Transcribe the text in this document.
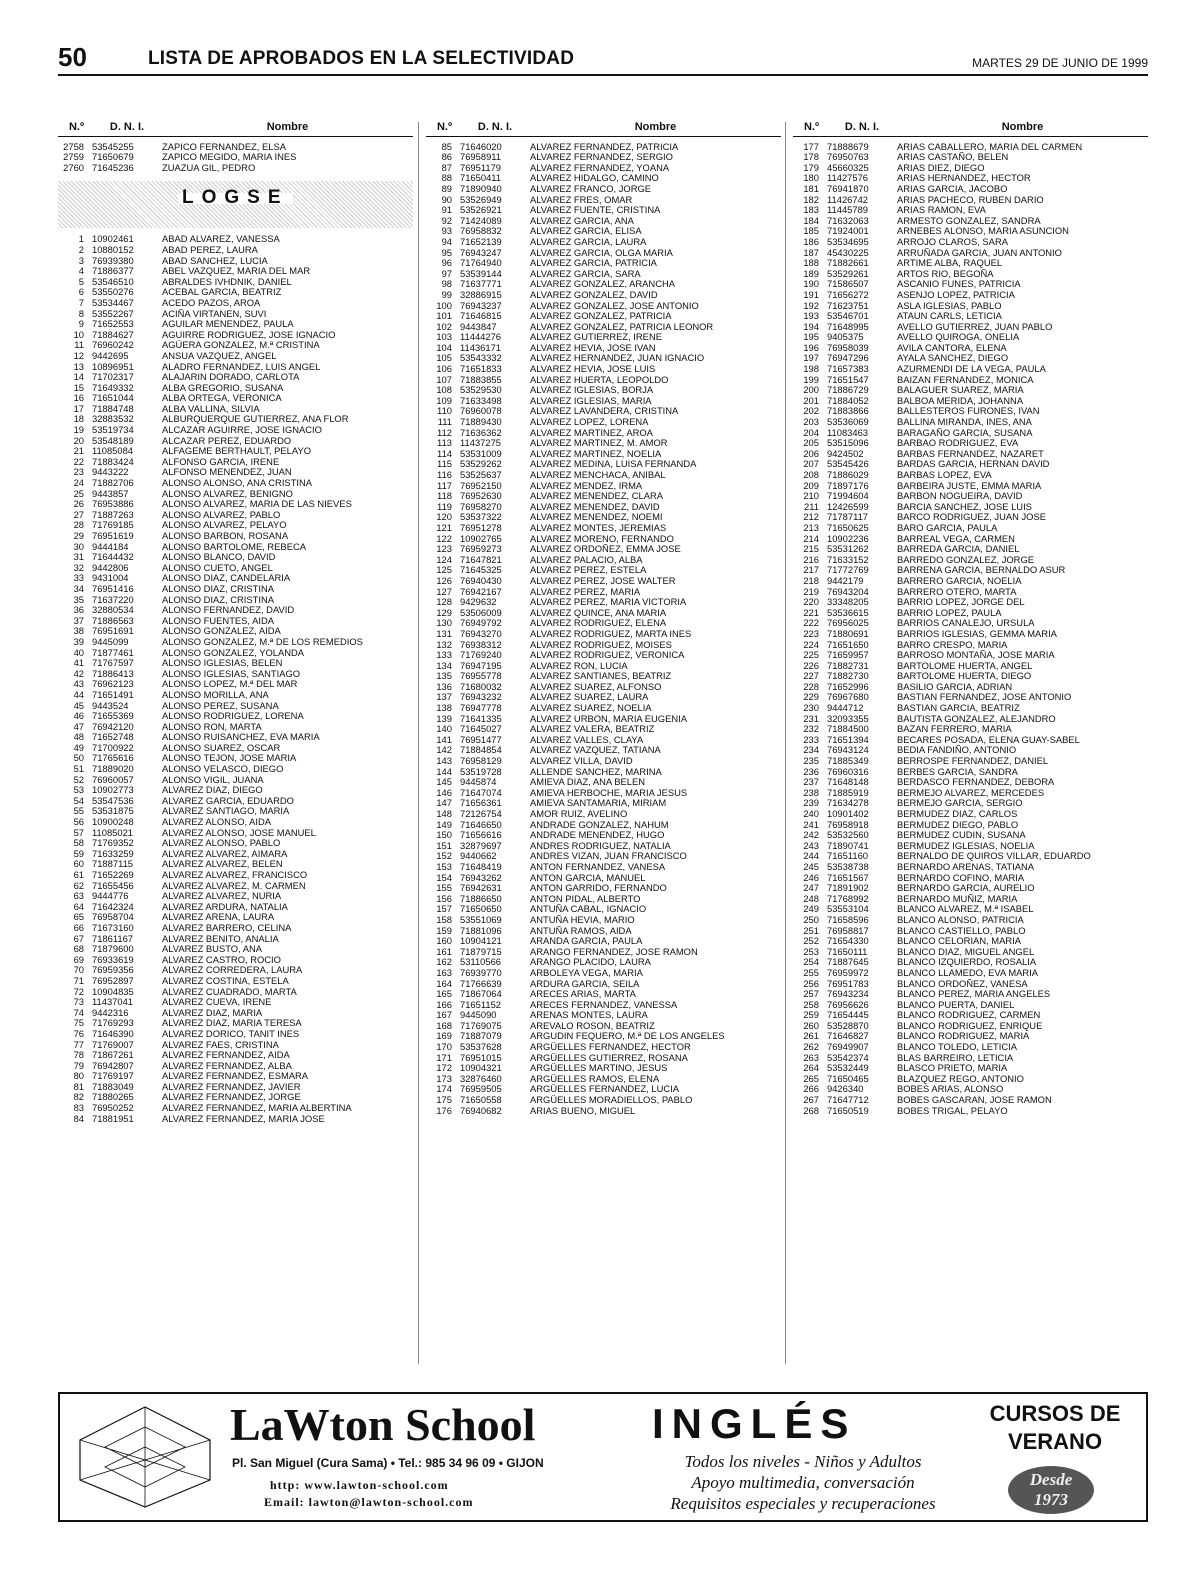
50	LISTA DE APROBADOS EN LA SELECTIVIDAD	MARTES 29 DE JUNIO DE 1999
N.º	D. N. I.	Nombre
2758 53545255	ZAPICO FERNANDEZ, ELSA
2759 71650679	ZAPICO MEGIDO, MARIA INES
2760 71645236	ZUAZUA GIL, PEDRO
LOGSE
1 10902461	ABAD ALVAREZ, VANESSA
2 10880152	ABAD PEREZ, LAURA
3 76939380	ABAD SANCHEZ, LUCIA
4 71886377	ABEL VAZQUEZ, MARIA DEL MAR
5 53546510	ABRALDES IVHDNIK, DANIEL
6 53550276	ACEBAL GARCIA, BEATRIZ
7 53534467	ACEDO PAZOS, AROA
8 53552267	ACIÑA VIRTANEN, SUVI
9 71652553	AGUILAR MENENDEZ, PAULA
10 71884627	AGUIRRE RODRIGUEZ, JOSE IGNACIO
11 76960242	AGÜERA GONZALEZ, M.ª CRISTINA
12 9442695	ANSUA VAZQUEZ, ANGEL
13 10896951	ALADRO FERNANDEZ, LUIS ANGEL
14 71702317	ALAJARIN DORADO, CARLOTA
15 71649332	ALBA GREGORIO, SUSANA
16 71651044	ALBA ORTEGA, VERONICA
17 71884748	ALBA VALLINA, SILVIA
18 32883532	ALBURQUERQUE GUTIERREZ, ANA FLOR
19 53519734	ALCAZAR AGUIRRE, JOSE IGNACIO
20 53548189	ALCAZAR PEREZ, EDUARDO
21 11085084	ALFAGEME BERTHAULT, PELAYO
22 71883424	ALFONSO GARCIA, IRENE
23 9443222	ALFONSO MENENDEZ, JUAN
24 71882706	ALONSO ALONSO, ANA CRISTINA
25 9443857	ALONSO ALVAREZ, BENIGNO
26 76953886	ALONSO ALVAREZ, MARIA DE LAS NIEVES
27 71887263	ALONSO ALVAREZ, PABLO
28 71769185	ALONSO ALVAREZ, PELAYO
29 76951619	ALONSO BARBON, ROSANA
30 9444184	ALONSO BARTOLOME, REBECA
31 71644432	ALONSO BLANCO, DAVID
32 9442806	ALONSO CUETO, ANGEL
33 9431004	ALONSO DIAZ, CANDELARIA
34 76951416	ALONSO DIAZ, CRISTINA
35 71637220	ALONSO DIAZ, CRISTINA
36 32880534	ALONSO FERNANDEZ, DAVID
37 71886563	ALONSO FUENTES, AIDA
38 76951691	ALONSO GONZALEZ, AIDA
39 9445099	ALONSO GONZALEZ, M.ª DE LOS REMEDIOS
40 71877461	ALONSO GONZALEZ, YOLANDA
41 71767597	ALONSO IGLESIAS, BELEN
42 71886413	ALONSO IGLESIAS, SANTIAGO
43 76962123	ALONSO LOPEZ, M.ª DEL MAR
44 71651491	ALONSO MORILLA, ANA
45 9443524	ALONSO PEREZ, SUSANA
46 71655369	ALONSO RODRIGUEZ, LORENA
47 76942120	ALONSO RON, MARTA
48 71652748	ALONSO RUISANCHEZ, EVA MARIA
49 71700922	ALONSO SUAREZ, OSCAR
50 71765616	ALONSO TEJON, JOSE MARIA
51 71889020	ALONSO VELASCO, DIEGO
52 76960057	ALONSO VIGIL, JUANA
53 10902773	ALVAREZ DIAZ, DIEGO
54 53547536	ALVAREZ GARCIA, EDUARDO
55 53531875	ALVAREZ SANTIAGO, MARIA
56 10900248	ALVAREZ ALONSO, AIDA
57 11085021	ALVAREZ ALONSO, JOSE MANUEL
58 71769352	ALVAREZ ALONSO, PABLO
59 71633259	ALVAREZ ALVAREZ, AIMARA
60 71887115	ALVAREZ ALVAREZ, BELEN
61 71652269	ALVAREZ ALVAREZ, FRANCISCO
62 71655456	ALVAREZ ALVAREZ, M. CARMEN
63 9444776	ALVAREZ ALVAREZ, NURIA
64 71642324	ALVAREZ ARDURA, NATALIA
65 76958704	ALVAREZ ARENA, LAURA
66 71673160	ALVAREZ BARRERO, CELINA
67 71861167	ALVAREZ BENITO, ANALIA
68 71879600	ALVAREZ BUSTO, ANA
69 76933619	ALVAREZ CASTRO, ROCIO
70 76959356	ALVAREZ CORREDERA, LAURA
71 76952897	ALVAREZ COSTINA, ESTELA
72 10904835	ALVAREZ CUADRADO, MARTA
73 11437041	ALVAREZ CUEVA, IRENE
74 9442316	ALVAREZ DIAZ, MARIA
75 71769293	ALVAREZ DIAZ, MARIA TERESA
76 71646390	ALVAREZ DORICO, TANIT INES
77 71769007	ALVAREZ FAES, CRISTINA
78 71867261	ALVAREZ FERNANDEZ, AIDA
79 76942807	ALVAREZ FERNANDEZ, ALBA
80 71769197	ALVAREZ FERNANDEZ, ESMARA
81 71883049	ALVAREZ FERNANDEZ, JAVIER
82 71880265	ALVAREZ FERNANDEZ, JORGE
83 76950252	ALVAREZ FERNANDEZ, MARIA ALBERTINA
84 71881951	ALVAREZ FERNANDEZ, MARIA JOSE
N.º	D. N. I.	Nombre
85 71646020	ALVAREZ FERNANDEZ, PATRICIA
86 76958911	ALVAREZ FERNANDEZ, SERGIO
87 76951179	ALVAREZ FERNANDEZ, YOANA
88 71650411	ALVAREZ HIDALGO, CAMINO
89 71890940	ALVAREZ FRANCO, JORGE
90 53526949	ALVAREZ FRES, OMAR
91 53526921	ALVAREZ FUENTE, CRISTINA
92 71424089	ALVAREZ GARCIA, ANA
93 76958832	ALVAREZ GARCIA, ELISA
94 71652139	ALVAREZ GARCIA, LAURA
95 76943247	ALVAREZ GARCIA, OLGA MARIA
96 71764940	ALVAREZ GARCIA, PATRICIA
97 53539144	ALVAREZ GARCIA, SARA
98 71637771	ALVAREZ GONZALEZ, ARANCHA
99 32886915	ALVAREZ GONZALEZ, DAVID
100 76943237	ALVAREZ GONZALEZ, JOSE ANTONIO
101 71646815	ALVAREZ GONZALEZ, PATRICIA
102 9443847	ALVAREZ GONZALEZ, PATRICIA LEONOR
103 11444276	ALVAREZ GUTIERREZ, IRENE
104 11436171	ALVAREZ HEVIA, JOSE IVAN
105 53543332	ALVAREZ HERNANDEZ, JUAN IGNACIO
106 71651833	ALVAREZ HEVIA, JOSE LUIS
107 71883855	ALVAREZ HUERTA, LEOPOLDO
108 53529530	ALVAREZ IGLESIAS, BORJA
109 71633498	ALVAREZ IGLESIAS, MARIA
110 76960078	ALVAREZ LAVANDERA, CRISTINA
111 71889430	ALVAREZ LOPEZ, LORENA
112 71636362	ALVAREZ MARTINEZ, AROA
113 11437275	ALVAREZ MARTINEZ, M. AMOR
114 53531009	ALVAREZ MARTINEZ, NOELIA
115 53529262	ALVAREZ MEDINA, LUISA FERNANDA
116 53525637	ALVAREZ MENCHACA, ANIBAL
117 76952150	ALVAREZ MENDEZ, IRMA
118 76952630	ALVAREZ MENENDEZ, CLARA
119 76958270	ALVAREZ MENENDEZ, DAVID
120 53537322	ALVAREZ MENENDEZ, NOEMI
121 76951278	ALVAREZ MONTES, JEREMIAS
122 10902765	ALVAREZ MORENO, FERNANDO
123 76959273	ALVAREZ ORDOÑEZ, EMMA JOSE
124 71647821	ALVAREZ PALACIO, ALBA
125 71645325	ALVAREZ PEREZ, ESTELA
126 76940430	ALVAREZ PEREZ, JOSE WALTER
127 76942167	ALVAREZ PEREZ, MARIA
128 9429632	ALVAREZ PEREZ, MARIA VICTORIA
129 53506009	ALVAREZ QUINCE, ANA MARIA
130 76949792	ALVAREZ RODRIGUEZ, ELENA
131 76943270	ALVAREZ RODRIGUEZ, MARTA INES
132 76938312	ALVAREZ RODRIGUEZ, MOISES
133 71769240	ALVAREZ RODRIGUEZ, VERONICA
134 76947195	ALVAREZ RON, LUCIA
135 76955778	ALVAREZ SANTIANES, BEATRIZ
136 71680032	ALVAREZ SUAREZ, ALFONSO
137 76943232	ALVAREZ SUAREZ, LAURA
138 76947778	ALVAREZ SUAREZ, NOELIA
139 71641335	ALVAREZ URBON, MARIA EUGENIA
140 71645027	ALVAREZ VALERA, BEATRIZ
141 76951477	ALVAREZ VALLES, CLAYA
142 71884854	ALVAREZ VAZQUEZ, TATIANA
143 76958129	ALVAREZ VILLA, DAVID
144 53519728	ALLENDE SANCHEZ, MARINA
145 9445874	AMIEVA DIAZ, ANA BELEN
146 71647074	AMIEVA HERBOCHE, MARIA JESUS
147 71656361	AMIEVA SANTAMARIA, MIRIAM
148 72126754	AMOR RUIZ, AVELINO
149 71646650	ANDRADE GONZALEZ, NAHUM
150 71656616	ANDRADE MENENDEZ, HUGO
151 32879697	ANDRES RODRIGUEZ, NATALIA
152 9440662	ANDRES VIZAN, JUAN FRANCISCO
153 71648419	ANTON FERNANDEZ, VANESA
154 76943262	ANTON GARCIA, MANUEL
155 76942631	ANTON GARRIDO, FERNANDO
156 71886650	ANTON PIDAL, ALBERTO
157 71650650	ANTUÑA CABAL, IGNACIO
158 53551069	ANTUÑA HEVIA, MARIO
159 71881096	ANTUÑA RAMOS, AIDA
160 10904121	ARANDA GARCIA, PAULA
161 71879715	ARANGO FERNANDEZ, JOSE RAMON
162 53110566	ARANGO PLACIDO, LAURA
163 76939770	ARBOLEYA VEGA, MARIA
164 71766639	ARDURA GARCIA, SEILA
165 71867064	ARECES ARIAS, MARTA
166 71651152	ARECES FERNANDEZ, VANESSA
167 9445090	ARENAS MONTES, LAURA
168 71769075	AREVALO ROSON, BEATRIZ
169 71887079	ARGUDIN FEQUERO, M.ª DE LOS ANGELES
170 53537628	ARGÜELLES FERNANDEZ, HECTOR
171 76951015	ARGÜELLES GUTIERREZ, ROSANA
172 10904321	ARGÜELLES MARTINO, JESUS
173 32876460	ARGÜELLES RAMOS, ELENA
174 76959505	ARGÜELLES FERNANDEZ, LUCIA
175 71650558	ARGÜELLES MORADIELLOS, PABLO
176 76940682	ARIAS BUENO, MIGUEL
N.º	D. N. I.	Nombre
177 71888679	ARIAS CABALLERO, MARIA DEL CARMEN
178 76950763	ARIAS CASTAÑO, BELEN
179 45660325	ARIAS DIEZ, DIEGO
180 11427576	ARIAS HERNANDEZ, HECTOR
181 76941870	ARIAS GARCIA, JACOBO
182 11426742	ARIAS PACHECO, RUBEN DARIO
183 11445789	ARIAS RAMON, EVA
184 71632063	ARMESTO GONZALEZ, SANDRA
185 71924001	ARNEBES ALONSO, MARIA ASUNCION
186 53534695	ARROJO CLAROS, SARA
187 45430225	ARRUÑADA GARCIA, JUAN ANTONIO
188 71882661	ARTIME ALBA, RAQUEL
189 53529261	ARTOS RIO, BEGOÑA
190 71586507	ASCANIO FUNES, PATRICIA
191 71656272	ASENJO LOPEZ, PATRICIA
192 71623751	ASLA IGLESIAS, PABLO
193 53546701	ATAUN CARLS, LETICIA
194 71648995	AVELLO GUTIERREZ, JUAN PABLO
195 9405375	AVELLO QUIROGA, ONELIA
196 76958039	AVILA CANTORA, ELENA
197 76947296	AYALA SANCHEZ, DIEGO
198 71657383	AZURMENDI DE LA VEGA, PAULA
199 71651547	BAIZAN FERNANDEZ, MONICA
200 71886729	BALAGUER SUAREZ, MARIA
201 71884052	BALBOA MERIDA, JOHANNA
202 71883866	BALLESTEROS FURONES, IVAN
203 53536069	BALLINA MIRANDA, INES, ANA
204 11083463	BARAGAÑO GARCIA, SUSANA
205 53515096	BARBAO RODRIGUEZ, EVA
206 9424502	BARBAS FERNANDEZ, NAZARET
207 53545426	BARDAS GARCIA, HERNAN DAVID
208 71886029	BARBAS LOPEZ, EVA
209 71897176	BARBEIRA JUSTE, EMMA MARIA
210 71994604	BARBON NOGUEIRA, DAVID
211 12426599	BARCIA SANCHEZ, JOSE LUIS
212 71787117	BARCO RODRIGUEZ, JUAN JOSE
213 71650625	BARO GARCIA, PAULA
214 10902236	BARREAL VEGA, CARMEN
215 53531262	BARREDA GARCIA, DANIEL
216 71633152	BARREDO GONZALEZ, JORGE
217 71772769	BARRENA GARCIA, BERNALDO ASUR
218 9442179	BARRERO GARCIA, NOELIA
219 76943204	BARRERO OTERO, MARTA
220 33348205	BARRIO LOPEZ, JORGE DEL
221 53536615	BARRIO LOPEZ, PAULA
222 76956025	BARRIOS CANALEJO, URSULA
223 71880691	BARRIOS IGLESIAS, GEMMA MARIA
224 71651650	BARRO CRESPO, MARIA
225 71659957	BARROSO MONTAÑA, JOSE MARIA
226 71882731	BARTOLOME HUERTA, ANGEL
227 71882730	BARTOLOME HUERTA, DIEGO
228 71652996	BASILIO GARCIA, ADRIAN
229 76967680	BASTIAN FERNANDEZ, JOSE ANTONIO
230 9444712	BASTIAN GARCIA, BEATRIZ
231 32093355	BAUTISTA GONZALEZ, ALEJANDRO
232 71884500	BAZAN FERRERO, MARIA
233 71651394	BECARES POSADA, ELENA GUAY-SABEL
234 76943124	BEDIA FANDIÑO, ANTONIO
235 71885349	BERROSPE FERNANDEZ, DANIEL
236 76960316	BERBES GARCIA, SANDRA
237 71648148	BERDASCO FERNANDEZ, DEBORA
238 71885919	BERMEJO ALVAREZ, MERCEDES
239 71634278	BERMEJO GARCIA, SERGIO
240 10901402	BERMUDEZ DIAZ, CARLOS
241 76958918	BERMUDEZ DIEGO, PABLO
242 53532560	BERMUDEZ CUDIN, SUSANA
243 71890741	BERMUDEZ IGLESIAS, NOELIA
244 71651160	BERNALDO DE QUIROS VILLAR, EDUARDO
245 53538738	BERNARDO ARENAS, TATIANA
246 71651567	BERNARDO COFINO, MARIA
247 71891902	BERNARDO GARCIA, AURELIO
248 71768992	BERNARDO MUÑIZ, MARIA
249 53553104	BLANCO ALVAREZ, M.ª ISABEL
250 71658596	BLANCO ALONSO, PATRICIA
251 76958817	BLANCO CASTIELLO, PABLO
252 71654330	BLANCO CELORIAN, MARIA
253 71650111	BLANCO DIAZ, MIGUEL ANGEL
254 71887645	BLANCO IZQUIERDO, ROSALIA
255 76959972	BLANCO LLAMEDO, EVA MARIA
256 76951783	BLANCO ORDOÑEZ, VANESA
257 76943234	BLANCO PEREZ, MARIA ANGELES
258 76956626	BLANCO PUERTA, DANIEL
259 71654445	BLANCO RODRIGUEZ, CARMEN
260 53528870	BLANCO RODRIGUEZ, ENRIQUE
261 71646827	BLANCO RODRIGUEZ, MARIA
262 76949907	BLANCO TOLEDO, LETICIA
263 53542374	BLAS BARREIRO, LETICIA
264 53532449	BLASCO PRIETO, MARIA
265 71650465	BLAZQUEZ REGO, ANTONIO
266 9426340	BOBES ARIAS, ALONSO
267 71647712	BOBES GASCARAN, JOSE RAMON
268 71650519	BOBES TRIGAL, PELAYO
LaWton School
Pl. San Miguel (Cura Sama) • Tel.: 985 34 96 09 • GIJON
http: www.lawton-school.com
Email: lawton@lawton-school.com
INGLÉS
Todos los niveles - Niños y Adultos
Apoyo multimedia, conversación
Requisitos especiales y recuperaciones
CURSOS DE
VERANO
Desde
1973
